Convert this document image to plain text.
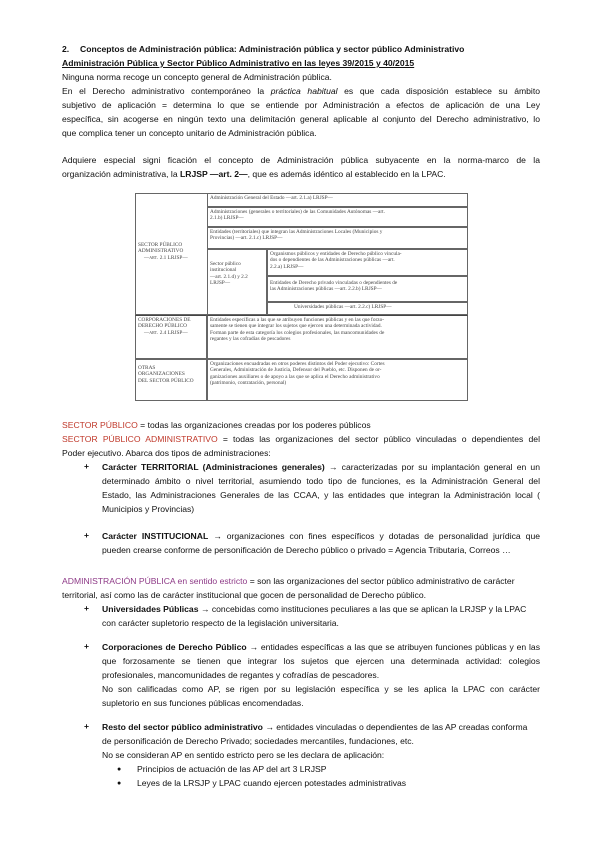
2. Conceptos de Administración pública: Administración pública y sector público Administrativo
Administración Pública y Sector Público Administrativo en las leyes 39/2015 y 40/2015
Ninguna norma recoge un concepto general de Administración pública.
En el Derecho administrativo contemporáneo la práctica habitual es que cada disposición establece su ámbito
subjetivo de aplicación = determina lo que se entiende por Administración a efectos de aplicación de una Ley
específica, sin acogerse en ningún texto una delimitación general aplicable al conjunto del Derecho administrativo, lo
que complica tener un concepto unitario de Administración pública.
Adquiere especial signi ficación el concepto de Administración pública subyacente en la norma-marco de la
organización administrativa, la LRJSP —art. 2—, que es además idéntico al establecido en la LPAC.
SECTOR PÚBLICO
ADMINISTRATIVO
—art. 2.1 LRJSP—
Administración General del Estado —art. 2.1.a) LRJSP—
Administraciones (generales o territoriales) de las Comunidades Autónomas —art.
2.1.b) LRJSP—
Entidades (territoriales) que integran las Administraciones Locales (Municipios y
Provincias) —art. 2.1.c) LRJSP—
Sector público
institucional
—art. 2.1.d) y 2.2
LRJSP—
Organismos públicos y entidades de Derecho público vincula-
dos o dependientes de las Administraciones públicas —art.
2.2.a) LRJSP—
Entidades de Derecho privado vinculadas o dependientes de
las Administraciones públicas —art. 2.2.b) LRJSP—
Universidades públicas —art. 2.2.c) LRJSP—
CORPORACIONES DE
DERECHO PÚBLICO
—art. 2.4 LRJSP—
Entidades específicas a las que se atribuyen funciones públicas y en las que forzo-
samente se tienen que integrar los sujetos que ejercen una determinada actividad.
Forman parte de esta categoría los colegios profesionales, las mancomunidades de
regantes y las cofradías de pescadores
OTRAS
ORGANIZACIONES
DEL SECTOR PÚBLICO
Organizaciones encuadradas en otros poderes distintos del Poder ejecutivo: Cortes
Generales, Administración de Justicia, Defensor del Pueblo, etc. Disponen de or-
ganizaciones auxiliares o de apoyo a las que se aplica el Derecho administrativo
(patrimonio, contratación, personal)
SECTOR PÚBLICO = todas las organizaciones creadas por los poderes públicos
SECTOR PÚBLICO ADMINISTRATIVO = todas las organizaciones del sector público vinculadas o dependientes del
Poder ejecutivo. Abarca dos tipos de administraciones:
+ Carácter TERRITORIAL (Administraciones generales) → caracterizadas por su implantación general en un
determinado ámbito o nivel territorial, asumiendo todo tipo de funciones, es la Administración General del
Estado, las Administraciones Generales de las CCAA, y las entidades que integran la Administración local (
Municipios y Provincias)
+ Carácter INSTITUCIONAL → organizaciones con fines específicos y dotadas de personalidad jurídica que
pueden crearse conforme de personificación de Derecho público o privado = Agencia Tributaria, Correos …
ADMINISTRACIÓN PÚBLICA en sentido estricto = son las organizaciones del sector público administrativo de carácter
territorial, así como las de carácter institucional que gocen de personalidad de Derecho público.
+ Universidades Públicas → concebidas como instituciones peculiares a las que se aplican la LRJSP y la LPAC
con carácter supletorio respecto de la legislación universitaria.
+ Corporaciones de Derecho Público → entidades específicas a las que se atribuyen funciones públicas y en las
que forzosamente se tienen que integrar los sujetos que ejercen una determinada actividad: colegios
profesionales, mancomunidades de regantes y cofradías de pescadores.
No son calificadas como AP, se rigen por su legislación específica y se les aplica la LPAC con carácter
supletorio en sus funciones públicas encomendadas.
+ Resto del sector público administrativo → entidades vinculadas o dependientes de las AP creadas conforma
de personificación de Derecho Privado; sociedades mercantiles, fundaciones, etc.
No se consideran AP en sentido estricto pero se les declara de aplicación:
● Principios de actuación de las AP del art 3 LRJSP
● Leyes de la LRSJP y LPAC cuando ejercen potestades administrativas
